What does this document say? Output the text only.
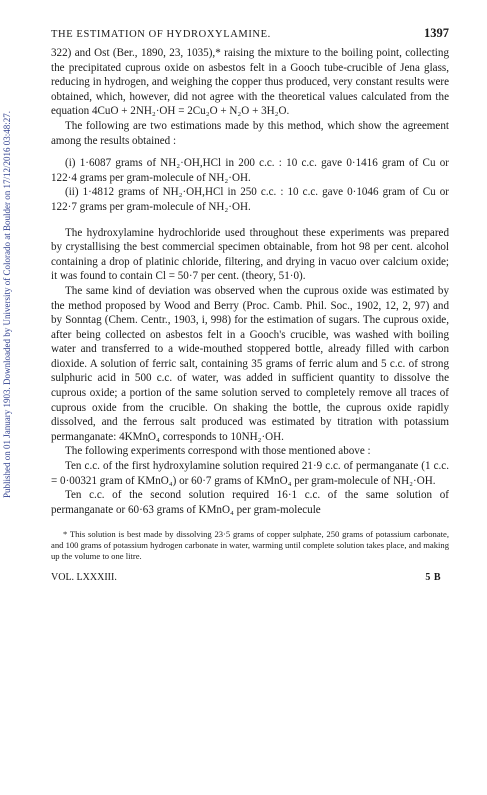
Published on 01 January 1903. Downloaded by University of Colorado at Boulder on 17/12/2016 03:48:27.
THE ESTIMATION OF HYDROXYLAMINE.	1397

322) and Ost (Ber., 1890, 23, 1035),* raising the mixture to the boiling point, collecting the precipitated cuprous oxide on asbestos felt in a Gooch tube-crucible of Jena glass, reducing in hydrogen, and weighing the copper thus produced, very constant results were obtained, which, however, did not agree with the theoretical values calculated from the equation 4CuO + 2NH₂·OH = 2Cu₂O + N₂O + 3H₂O.

The following are two estimations made by this method, which show the agreement among the results obtained :

(i) 1·6087 grams of NH₂·OH,HCl in 200 c.c. : 10 c.c. gave 0·1416 gram of Cu or 122·4 grams per gram-molecule of NH₂·OH.

(ii) 1·4812 grams of NH₂·OH,HCl in 250 c.c. : 10 c.c. gave 0·1046 gram of Cu or 122·7 grams per gram-molecule of NH₂·OH.

The hydroxylamine hydrochloride used throughout these experiments was prepared by crystallising the best commercial specimen obtainable, from hot 98 per cent. alcohol containing a drop of platinic chloride, filtering, and drying in vacuo over calcium oxide; it was found to contain Cl = 50·7 per cent. (theory, 51·0).

The same kind of deviation was observed when the cuprous oxide was estimated by the method proposed by Wood and Berry (Proc. Camb. Phil. Soc., 1902, 12, 2, 97) and by Sonntag (Chem. Centr., 1903, i, 998) for the estimation of sugars. The cuprous oxide, after being collected on asbestos felt in a Gooch's crucible, was washed with boiling water and transferred to a wide-mouthed stoppered bottle, already filled with carbon dioxide. A solution of ferric salt, containing 35 grams of ferric alum and 5 c.c. of strong sulphuric acid in 500 c.c. of water, was added in sufficient quantity to dissolve the cuprous oxide; a portion of the same solution served to completely remove all traces of cuprous oxide from the crucible. On shaking the bottle, the cuprous oxide rapidly dissolved, and the ferrous salt produced was estimated by titration with potassium permanganate: 4KMnO₄ corresponds to 10NH₂·OH.

The following experiments correspond with those mentioned above :

Ten c.c. of the first hydroxylamine solution required 21·9 c.c. of permanganate (1 c.c. = 0·00321 gram of KMnO₄) or 60·7 grams of KMnO₄ per gram-molecule of NH₂·OH.

Ten c.c. of the second solution required 16·1 c.c. of the same solution of permanganate or 60·63 grams of KMnO₄ per gram-molecule

* This solution is best made by dissolving 23·5 grams of copper sulphate, 250 grams of potassium carbonate, and 100 grams of potassium hydrogen carbonate in water, warming until complete solution takes place, and making up the volume to one litre.

VOL. LXXXIII.	5 B
